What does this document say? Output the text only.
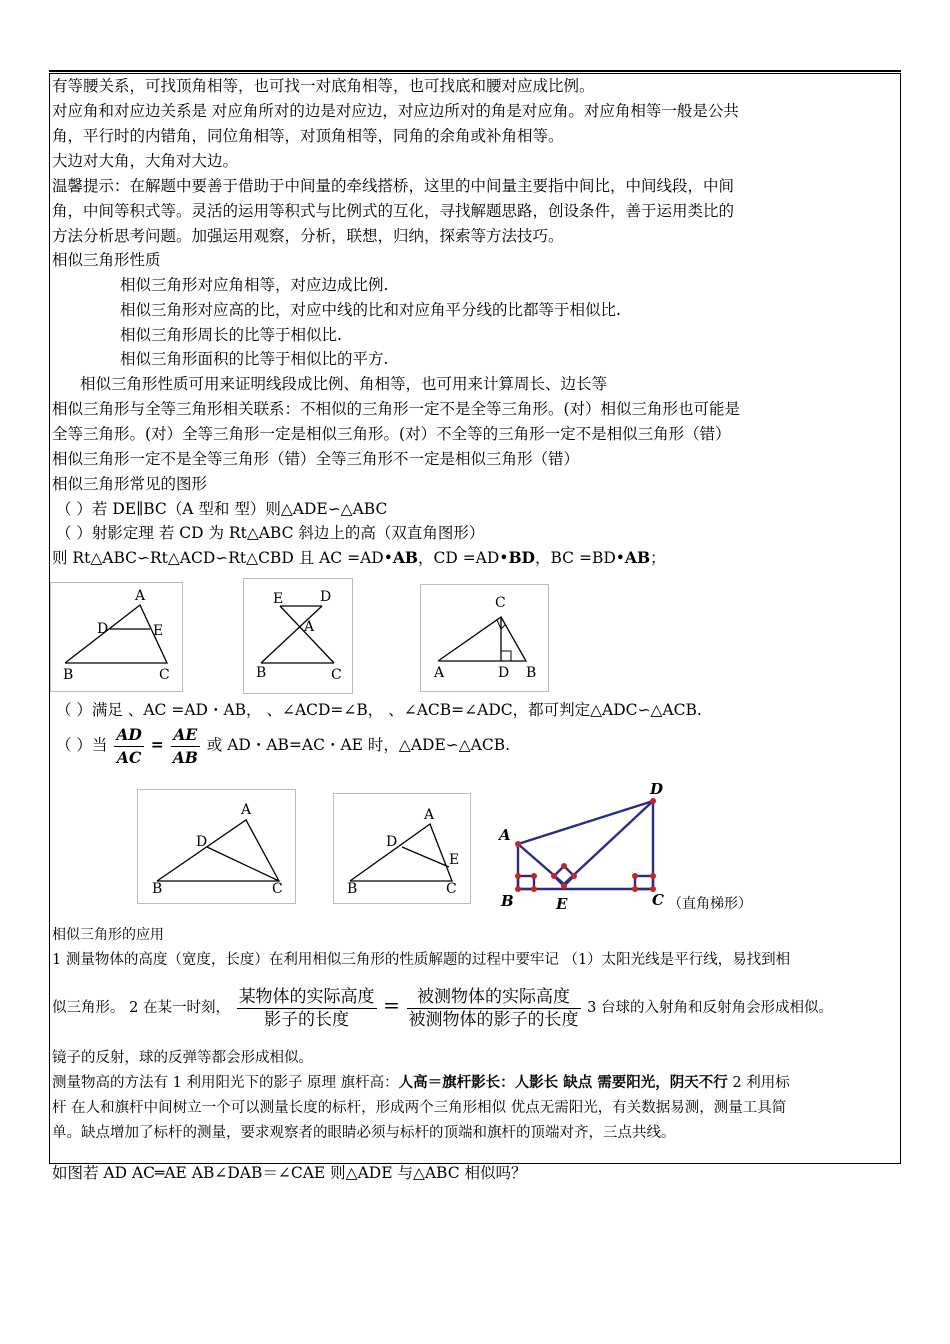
有等腰关系，可找顶角相等，也可找一对底角相等，也可找底和腰对应成比例。
对应角和对应边关系是 对应角所对的边是对应边，对应边所对的角是对应角。对应角相等一般是公共
角，平行时的内错角，同位角相等，对顶角相等，同角的余角或补角相等。
大边对大角，大角对大边。
温馨提示：在解题中要善于借助于中间量的牵线搭桥，这里的中间量主要指中间比，中间线段，中间
角，中间等积式等。灵活的运用等积式与比例式的互化，寻找解题思路，创设条件，善于运用类比的
方法分析思考问题。加强运用观察，分析，联想，归纳，探索等方法技巧。
相似三角形性质
相似三角形对应角相等，对应边成比例.
相似三角形对应高的比，对应中线的比和对应角平分线的比都等于相似比.
相似三角形周长的比等于相似比.
相似三角形面积的比等于相似比的平方.
相似三角形性质可用来证明线段成比例、角相等，也可用来计算周长、边长等
相似三角形与全等三角形相关联系：不相似的三角形一定不是全等三角形。(对）相似三角形也可能是
全等三角形。(对）全等三角形一定是相似三角形。(对）不全等的三角形一定不是相似三角形（错）
相似三角形一定不是全等三角形（错）全等三角形不一定是相似三角形（错）
相似三角形常见的图形
（ ）若 DE∥BC（A 型和 型）则△ADE∽△ABC
（ ）射影定理 若 CD 为 Rt△ABC 斜边上的高（双直角图形）
则 Rt△ABC∽Rt△ACD∽Rt△CBD 且 AC =AD•AB，CD =AD•BD，BC =BD•AB；
A
D	E
B	C
E	D
A
B	C
C
A	D B
（ ）满足 、AC =AD・AB， 、∠ACD=∠B， 、∠ACB=∠ADC，都可判定△ADC∽△ACB.
（ ）当 $\frac{AD}{AC} = \frac{AE}{AB}$ 或 AD・AB=AC・AE 时，△ADE∽△ACB.
A
D
B	C
A
D
E
B	C
A
D
B	E	C （直角梯形）
相似三角形的应用
1 测量物体的高度（宽度，长度）在利用相似三角形的性质解题的过程中要牢记 （1）太阳光线是平行线，易找到相
似三角形。 2 在某一时刻， $\frac{\text{某物体的实际高度}}{\text{影子的长度}} = \frac{\text{被测物体的实际高度}}{\text{被测物体的影子的长度}} 3$ 台球的入射角和反射角会形成相似。
镜子的反射，球的反弹等都会形成相似。
测量物高的方法有 1 利用阳光下的影子 原理 旗杆高：人高＝旗杆影长：人影长 缺点 需要阳光，阴天不行 2 利用标
杆 在人和旗杆中间树立一个可以测量长度的标杆，形成两个三角形相似 优点无需阳光，有关数据易测，测量工具简
单。缺点增加了标杆的测量，要求观察者的眼睛必须与标杆的顶端和旗杆的顶端对齐，三点共线。
如图若 AD AC═AE AB∠DAB＝∠CAE 则△ADE 与△ABC 相似吗？
